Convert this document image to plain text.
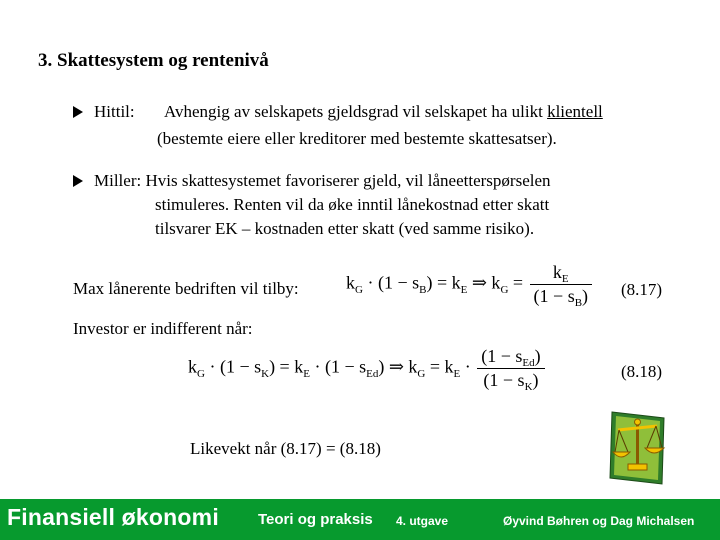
3. Skattesystem og rentenivå
Hittil: Avhengig av selskapets gjeldsgrad vil selskapet ha ulikt klientell
(bestemte eiere eller kreditorer med bestemte skattesatser).
Miller: Hvis skattesystemet favoriserer gjeld, vil låneetterspørselen
stimuleres. Renten vil da øke inntil lånekostnad etter skatt
tilsvarer EK – kostnaden etter skatt (ved samme risiko).
Max lånerente bedriften vil tilby:	$k_G \cdot (1 - s_B) = k_E$ ⇒ $k_G = \frac{k_E}{(1 - s_B)} (8.17)$
Investor er indifferent når:
$k_G \cdot (1 - s_K) = k_E \cdot (1 - s_{Ed})$ ⇒ $k_G = k_E \cdot \frac{(1 - s_{Ed})}{(1 - s_K)}$	(8.18)
Likevekt når (8.17) = (8.18)
Finansiell økonomi	Teori og praksis 4. utgave	Øyvind Bøhren og Dag Michalsen
